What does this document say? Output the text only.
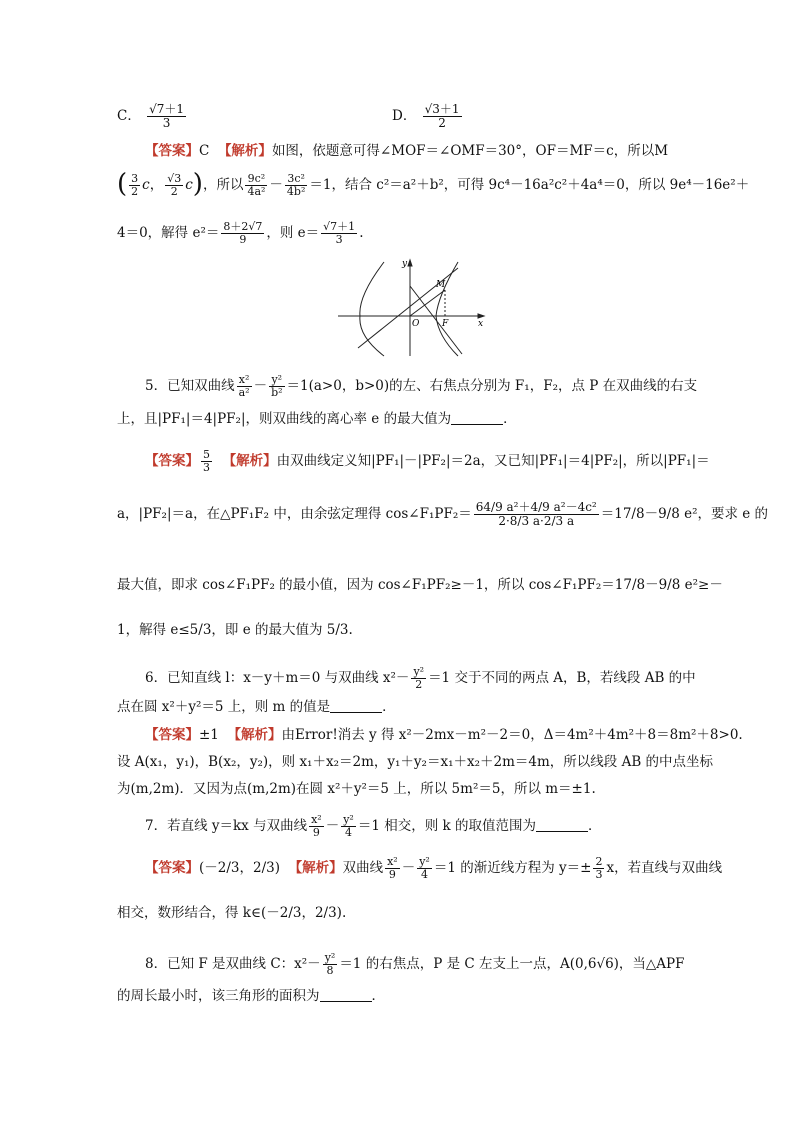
C． $\frac{√7+1}{3}$	D． $\frac{√3+1}{2}$
【答案】C 【解析】如图，依题意可得∠MOF＝∠OMF＝30°，OF＝MF＝c，所以M
( $\frac{3}{2}$ c， $\frac{√3}{2} c$)，所以 $\frac{\text{9c²}}{\text{4a²}} - \frac{\text{3c²}}{\text{4b²}} =1$，结合 c²＝a²＋b²，可得 9c⁴－16a²c²＋4a⁴＝0，所以 9e⁴－16e²＋
4＝0，解得 $e^2= \frac{8+2√7}{9}$ ，则 $e= \frac{√7+1}{3}$ .
y
x
O
M
F
5．已知双曲线 $\frac{\text{x²}}{\text{a²}} - \frac{\text{y²}}{\text{b²}} =1(a>0$，b>0)的左、右焦点分别为 F₁，F₂，点 P 在双曲线的右支
上，且|PF₁|＝4|PF₂|，则双曲线的离心率 e 的最大值为	．
【答案】 $\frac{5}{3}$ 【解析】由双曲线定义知|PF₁|－|PF₂|＝2a，又已知|PF₁|＝4|PF₂|，所以|PF₁|＝
a，|PF₂|＝a，在△PF₁F₂ 中，由余弦定理得 cos∠F₁PF₂＝ $\frac{\text{64/9 a²＋4/9 a²－4c²}}{2\cdot 8/3 a\cdot 2/3 a} =17/8-9/8$ e²，要求 e 的
最大值，即求 cos∠F₁PF₂ 的最小值，因为 cos∠F₁PF₂≥－1，所以 cos∠F₁PF₂＝17/8－9/8 e²≥－
1，解得 e≤5/3，即 e 的最大值为 5/3.
6．已知直线 l：x－y＋m＝0 与双曲线 $x^2- \frac{\text{y²}}{2} =1$ 交于不同的两点 A，B，若线段 AB 的中
点在圆 x²＋y²＝5 上，则 m 的值是	．
【答案】±1 【解析】由Error!消去 y 得 x²－2mx－m²－2＝0，Δ＝4m²＋4m²＋8＝8m²＋8>0.
设 A(x₁，y₁)，B(x₂，y₂)，则 x₁＋x₂＝2m，y₁＋y₂＝x₁＋x₂＋2m＝4m，所以线段 AB 的中点坐标
为(m,2m)．又因为点(m,2m)在圆 x²＋y²＝5 上，所以 5m²＝5，所以 m＝±1.
7．若直线 y＝kx 与双曲线 $\frac{\text{x²}}{9} - \frac{\text{y²}}{4} =1$ 相交，则 k 的取值范围为	．
【答案】(－2/3，2/3) 【解析】双曲线 $\frac{\text{x²}}{9} - \frac{\text{y²}}{4} =1$ 的渐近线方程为 $y=\pm \frac{2}{3}$ x，若直线与双曲线
相交，数形结合，得 k∈(－2/3，2/3).
8．已知 F 是双曲线 C：$x^2- \frac{\text{y²}}{8} =1$ 的右焦点，P 是 C 左支上一点，A(0,6√6)，当△APF
的周长最小时，该三角形的面积为	．
